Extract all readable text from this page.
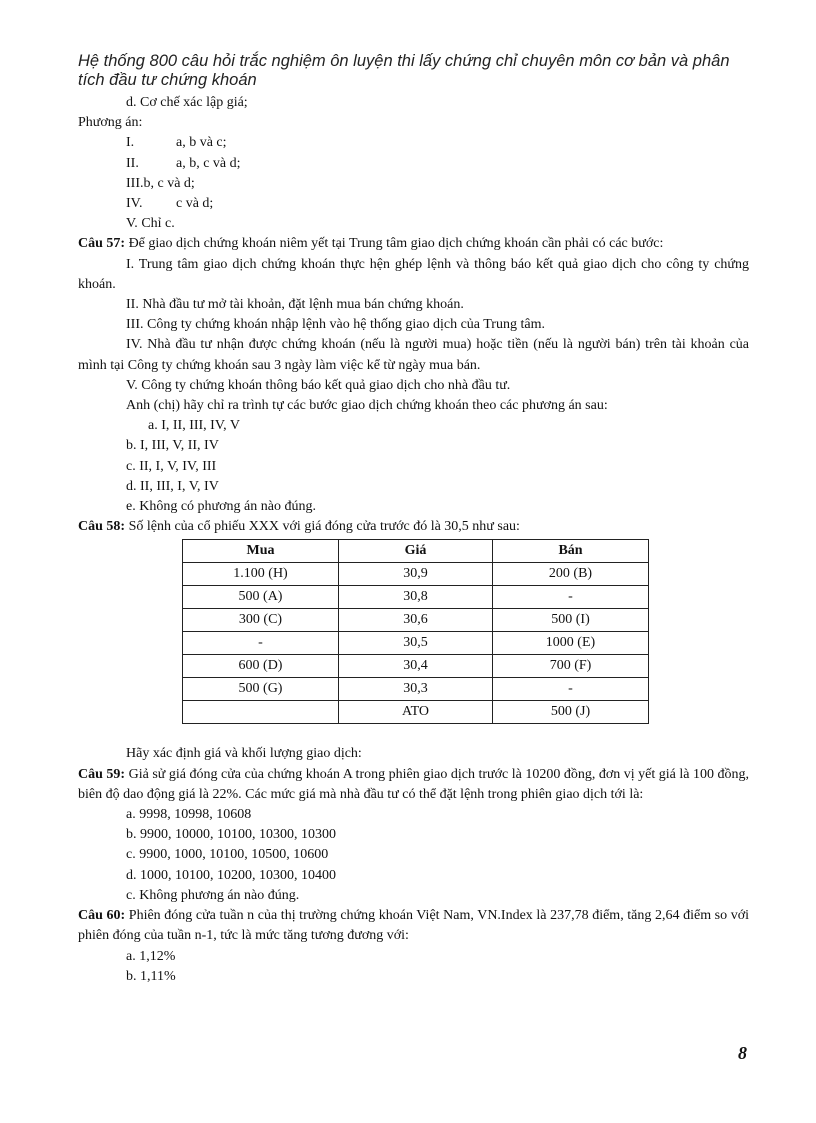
Hệ thống 800 câu hỏi trắc nghiệm ôn luyện thi lấy chứng chỉ chuyên môn cơ bản và phân tích đầu tư chứng khoán
d. Cơ chế xác lập giá;
Phương án:
I.	a, b và c;
II.	a, b, c và d;
III.b, c và d;
IV. c và d;
V. Chỉ c.
Câu 57: Để giao dịch chứng khoán niêm yết tại Trung tâm giao dịch chứng khoán cần phải có các bước:
I. Trung tâm giao dịch chứng khoán thực hện ghép lệnh và thông báo kết quả giao dịch cho công ty chứng khoán.
II. Nhà đầu tư mở tài khoản, đặt lệnh mua bán chứng khoán.
III. Công ty chứng khoán nhập lệnh vào hệ thống giao dịch của Trung tâm.
IV. Nhà đầu tư nhận được chứng khoán (nếu là người mua) hoặc tiền (nếu là người bán) trên tài khoản của mình tại Công ty chứng khoán sau 3 ngày làm việc kể từ ngày mua bán.
V. Công ty chứng khoán thông báo kết quả giao dịch cho nhà đầu tư.
Anh (chị) hãy chỉ ra trình tự các bước giao dịch chứng khoán theo các phương án sau:
a. I, II, III, IV, V
b. I, III, V, II, IV
c. II, I, V, IV, III
d. II, III, I, V, IV
e. Không có phương án nào đúng.
Câu 58: Số lệnh của cổ phiếu XXX với giá đóng cửa trước đó là 30,5 như sau:
Mua	Giá	Bán
1.100 (H)	30,9	200 (B)
500 (A)	30,8	-
300 (C)	30,6	500 (I)
-	30,5	1000 (E)
600 (D)	30,4	700 (F)
500 (G)	30,3	-
	ATO	500 (J)
Hãy xác định giá và khối lượng giao dịch:
Câu 59: Giả sử giá đóng cửa của chứng khoán A trong phiên giao dịch trước là 10200 đồng, đơn vị yết giá là 100 đồng, biên độ dao động giá là 22%. Các mức giá mà nhà đầu tư có thể đặt lệnh trong phiên giao dịch tới là:
a. 9998, 10998, 10608
b. 9900, 10000, 10100, 10300, 10300
c. 9900, 1000, 10100, 10500, 10600
d. 1000, 10100, 10200, 10300, 10400
c. Không phương án nào đúng.
Câu 60: Phiên đóng cửa tuần n của thị trường chứng khoán Việt Nam, VN.Index là 237,78 điểm, tăng 2,64 điểm so với phiên đóng của tuần n-1, tức là mức tăng tương đương với:
a. 1,12%
b. 1,11%
8
